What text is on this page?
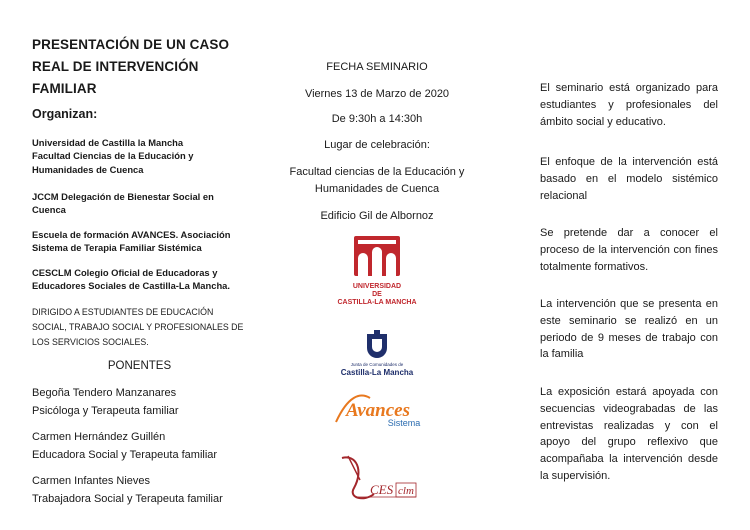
PRESENTACIÓN DE UN CASO
REAL DE INTERVENCIÓN
FAMILIAR
Organizan:
Universidad de Castilla la Mancha
Facultad Ciencias de la Educación y
Humanidades de Cuenca
JCCM Delegación de Bienestar Social en
Cuenca
Escuela de formación AVANCES. Asociación
Sistema de Terapia Familiar Sistémica
CESCLM Colegio Oficial de Educadoras y
Educadores Sociales de Castilla-La Mancha.
DIRIGIDO A ESTUDIANTES DE EDUCACIÓN
SOCIAL, TRABAJO SOCIAL Y PROFESIONALES DE
LOS SERVICIOS SOCIALES.
PONENTES
Begoña Tendero Manzanares
Psicóloga y Terapeuta familiar
Carmen Hernández Guillén
Educadora Social y Terapeuta familiar
Carmen Infantes Nieves
Trabajadora Social y Terapeuta familiar
FECHA SEMINARIO
Viernes 13 de Marzo de 2020
De 9:30h a 14:30h
Lugar de celebración:
Facultad ciencias de la Educación y
Humanidades de Cuenca
Edificio Gil de Albornoz
UNIVERSIDAD
DE
CASTILLA-LA MANCHA
Junta de Comunidades de
Castilla-La Mancha
Avances
Sistema
CES clm
El seminario está organizado para estudiantes y profesionales del ámbito social y educativo.
El enfoque de la intervención está basado en el modelo sistémico relacional
Se pretende dar a conocer el proceso de la intervención con fines totalmente formativos.
La intervención que se presenta en este seminario se realizó en un periodo de 9 meses de trabajo con la familia
La exposición estará apoyada con secuencias videograbadas de las entrevistas realizadas y con el apoyo del grupo reflexivo que acompañaba la intervención desde la supervisión.
